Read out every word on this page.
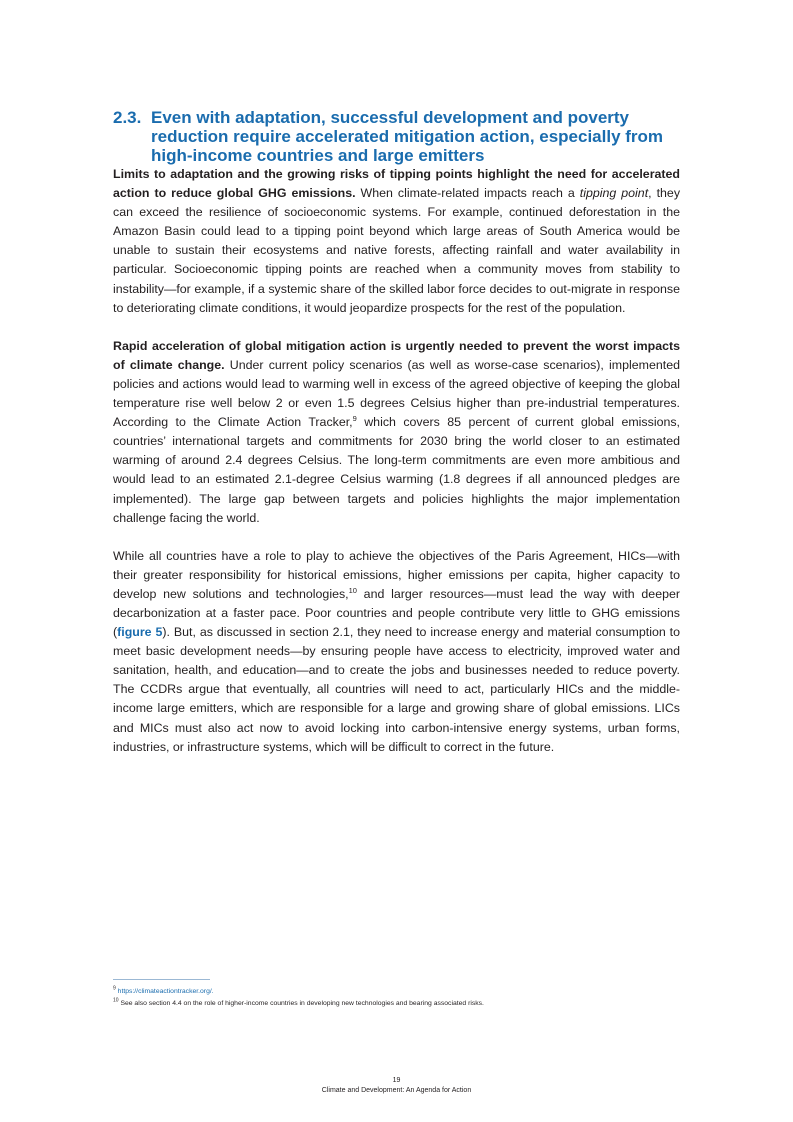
2.3. Even with adaptation, successful development and poverty reduction require accelerated mitigation action, especially from high-income countries and large emitters

Limits to adaptation and the growing risks of tipping points highlight the need for accelerated action to reduce global GHG emissions. When climate-related impacts reach a tipping point, they can exceed the resilience of socioeconomic systems. For example, continued deforestation in the Amazon Basin could lead to a tipping point beyond which large areas of South America would be unable to sustain their ecosystems and native forests, affecting rainfall and water availability in particular. Socioeconomic tipping points are reached when a community moves from stability to instability—for example, if a systemic share of the skilled labor force decides to out-migrate in response to deteriorating climate conditions, it would jeopardize prospects for the rest of the population.

Rapid acceleration of global mitigation action is urgently needed to prevent the worst impacts of climate change. Under current policy scenarios (as well as worse-case scenarios), implemented policies and actions would lead to warming well in excess of the agreed objective of keeping the global temperature rise well below 2 or even 1.5 degrees Celsius higher than pre-industrial temperatures. According to the Climate Action Tracker,$^9$ which covers 85 percent of current global emissions, countries’ international targets and commitments for 2030 bring the world closer to an estimated warming of around 2.4 degrees Celsius. The long-term commitments are even more ambitious and would lead to an estimated 2.1-degree Celsius warming (1.8 degrees if all announced pledges are implemented). The large gap between targets and policies highlights the major implementation challenge facing the world.

While all countries have a role to play to achieve the objectives of the Paris Agreement, HICs—with their greater responsibility for historical emissions, higher emissions per capita, higher capacity to develop new solutions and technologies,$^{10}$ and larger resources—must lead the way with deeper decarbonization at a faster pace. Poor countries and people contribute very little to GHG emissions (figure 5). But, as discussed in section 2.1, they need to increase energy and material consumption to meet basic development needs—by ensuring people have access to electricity, improved water and sanitation, health, and education—and to create the jobs and businesses needed to reduce poverty. The CCDRs argue that eventually, all countries will need to act, particularly HICs and the middle-income large emitters, which are responsible for a large and growing share of global emissions. LICs and MICs must also act now to avoid locking into carbon-intensive energy systems, urban forms, industries, or infrastructure systems, which will be difficult to correct in the future.

$^9$ https://climateactiontracker.org/.
$^{10}$ See also section 4.4 on the role of higher-income countries in developing new technologies and bearing associated risks.
19
Climate and Development: An Agenda for Action
